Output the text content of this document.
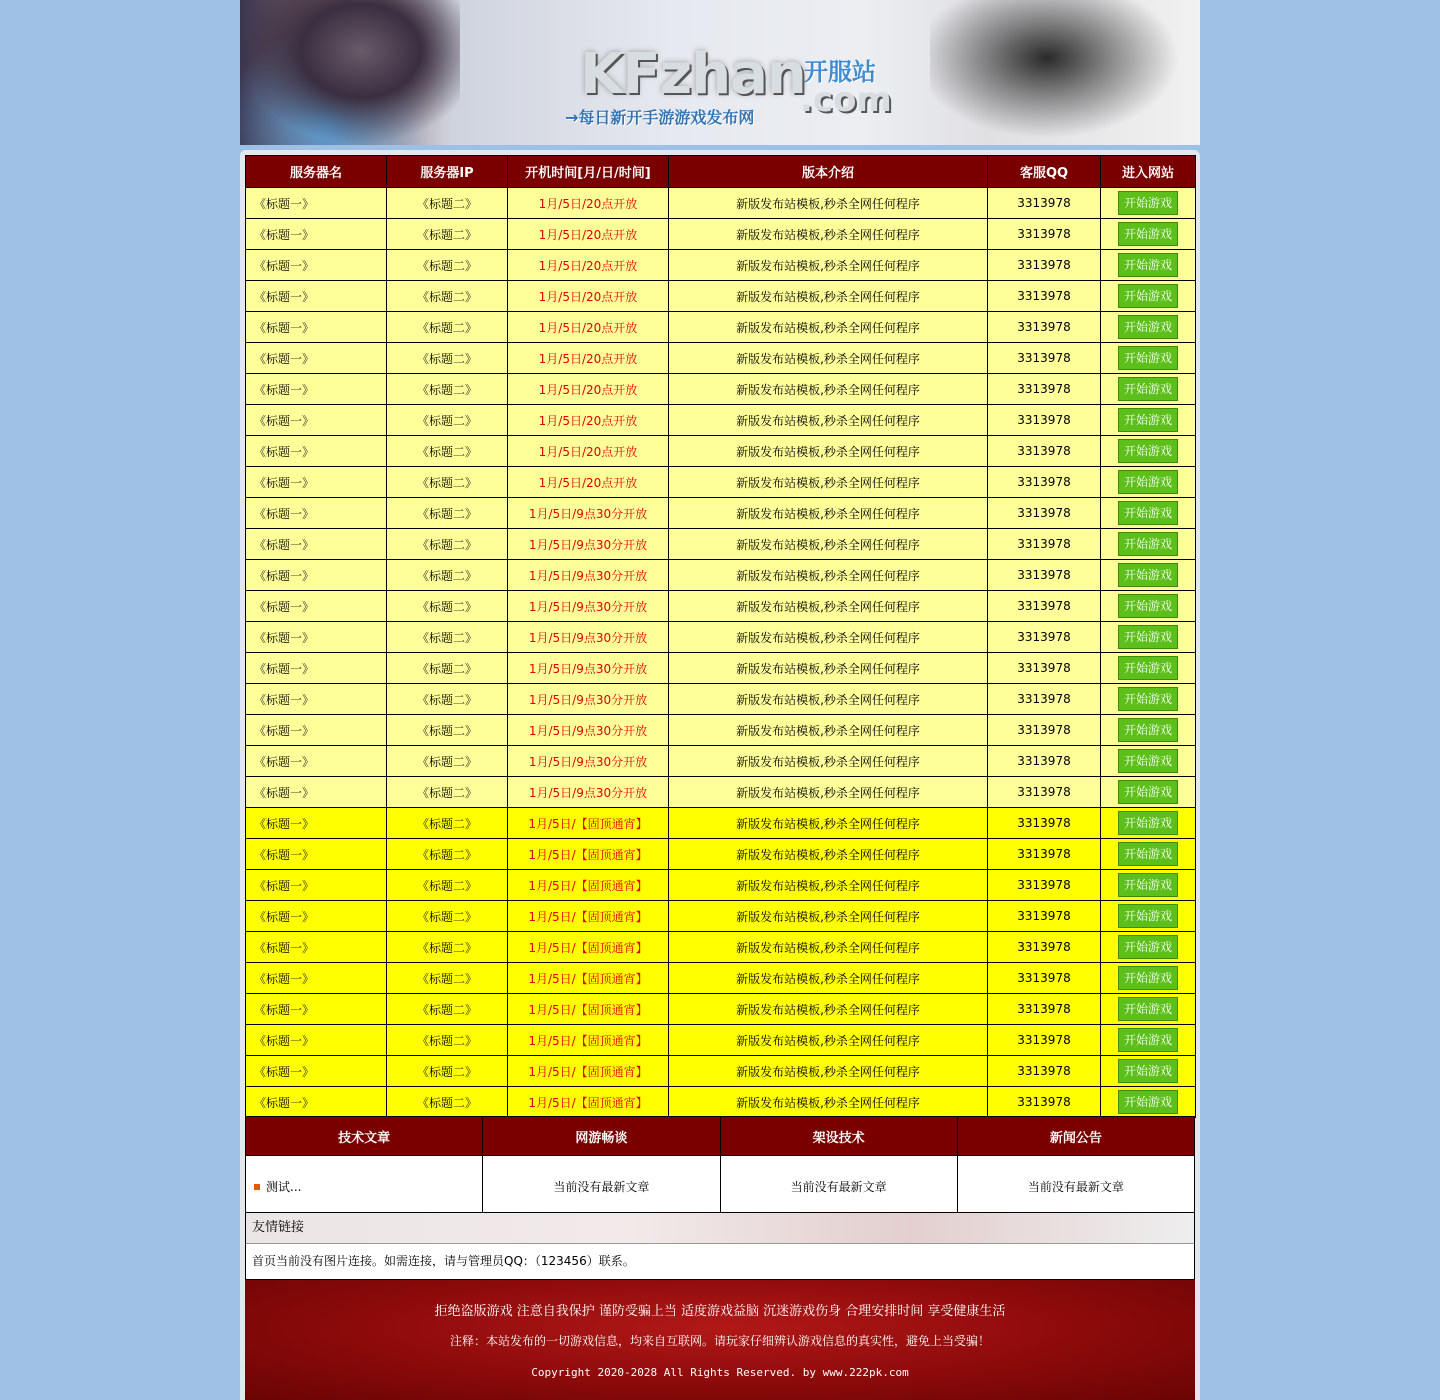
KFzhan
开服站
.com
→每日新开手游游戏发布网
服务器名	服务器IP	开机时间[月/日/时间]	版本介绍	客服QQ	进入网站
《标题一》	《标题二》	1月/5日/20点开放	新版发布站模板,秒杀全网任何程序	3313978	开始游戏
《标题一》	《标题二》	1月/5日/20点开放	新版发布站模板,秒杀全网任何程序	3313978	开始游戏
《标题一》	《标题二》	1月/5日/20点开放	新版发布站模板,秒杀全网任何程序	3313978	开始游戏
《标题一》	《标题二》	1月/5日/20点开放	新版发布站模板,秒杀全网任何程序	3313978	开始游戏
《标题一》	《标题二》	1月/5日/20点开放	新版发布站模板,秒杀全网任何程序	3313978	开始游戏
《标题一》	《标题二》	1月/5日/20点开放	新版发布站模板,秒杀全网任何程序	3313978	开始游戏
《标题一》	《标题二》	1月/5日/20点开放	新版发布站模板,秒杀全网任何程序	3313978	开始游戏
《标题一》	《标题二》	1月/5日/20点开放	新版发布站模板,秒杀全网任何程序	3313978	开始游戏
《标题一》	《标题二》	1月/5日/20点开放	新版发布站模板,秒杀全网任何程序	3313978	开始游戏
《标题一》	《标题二》	1月/5日/20点开放	新版发布站模板,秒杀全网任何程序	3313978	开始游戏
《标题一》	《标题二》	1月/5日/9点30分开放	新版发布站模板,秒杀全网任何程序	3313978	开始游戏
《标题一》	《标题二》	1月/5日/9点30分开放	新版发布站模板,秒杀全网任何程序	3313978	开始游戏
《标题一》	《标题二》	1月/5日/9点30分开放	新版发布站模板,秒杀全网任何程序	3313978	开始游戏
《标题一》	《标题二》	1月/5日/9点30分开放	新版发布站模板,秒杀全网任何程序	3313978	开始游戏
《标题一》	《标题二》	1月/5日/9点30分开放	新版发布站模板,秒杀全网任何程序	3313978	开始游戏
《标题一》	《标题二》	1月/5日/9点30分开放	新版发布站模板,秒杀全网任何程序	3313978	开始游戏
《标题一》	《标题二》	1月/5日/9点30分开放	新版发布站模板,秒杀全网任何程序	3313978	开始游戏
《标题一》	《标题二》	1月/5日/9点30分开放	新版发布站模板,秒杀全网任何程序	3313978	开始游戏
《标题一》	《标题二》	1月/5日/9点30分开放	新版发布站模板,秒杀全网任何程序	3313978	开始游戏
《标题一》	《标题二》	1月/5日/9点30分开放	新版发布站模板,秒杀全网任何程序	3313978	开始游戏
《标题一》	《标题二》	1月/5日/【固顶通宵】	新版发布站模板,秒杀全网任何程序	3313978	开始游戏
《标题一》	《标题二》	1月/5日/【固顶通宵】	新版发布站模板,秒杀全网任何程序	3313978	开始游戏
《标题一》	《标题二》	1月/5日/【固顶通宵】	新版发布站模板,秒杀全网任何程序	3313978	开始游戏
《标题一》	《标题二》	1月/5日/【固顶通宵】	新版发布站模板,秒杀全网任何程序	3313978	开始游戏
《标题一》	《标题二》	1月/5日/【固顶通宵】	新版发布站模板,秒杀全网任何程序	3313978	开始游戏
《标题一》	《标题二》	1月/5日/【固顶通宵】	新版发布站模板,秒杀全网任何程序	3313978	开始游戏
《标题一》	《标题二》	1月/5日/【固顶通宵】	新版发布站模板,秒杀全网任何程序	3313978	开始游戏
《标题一》	《标题二》	1月/5日/【固顶通宵】	新版发布站模板,秒杀全网任何程序	3313978	开始游戏
《标题一》	《标题二》	1月/5日/【固顶通宵】	新版发布站模板,秒杀全网任何程序	3313978	开始游戏
《标题一》	《标题二》	1月/5日/【固顶通宵】	新版发布站模板,秒杀全网任何程序	3313978	开始游戏
技术文章	网游畅谈	架设技术	新闻公告
测试...	当前没有最新文章	当前没有最新文章	当前没有最新文章
友情链接
首页当前没有图片连接。如需连接，请与管理员QQ：（123456）联系。
拒绝盗版游戏 注意自我保护 谨防受骗上当 适度游戏益脑 沉迷游戏伤身 合理安排时间 享受健康生活
注释：本站发布的一切游戏信息，均来自互联网。请玩家仔细辨认游戏信息的真实性，避免上当受骗！
Copyright 2020-2028 All Rights Reserved. by www.222pk.com
